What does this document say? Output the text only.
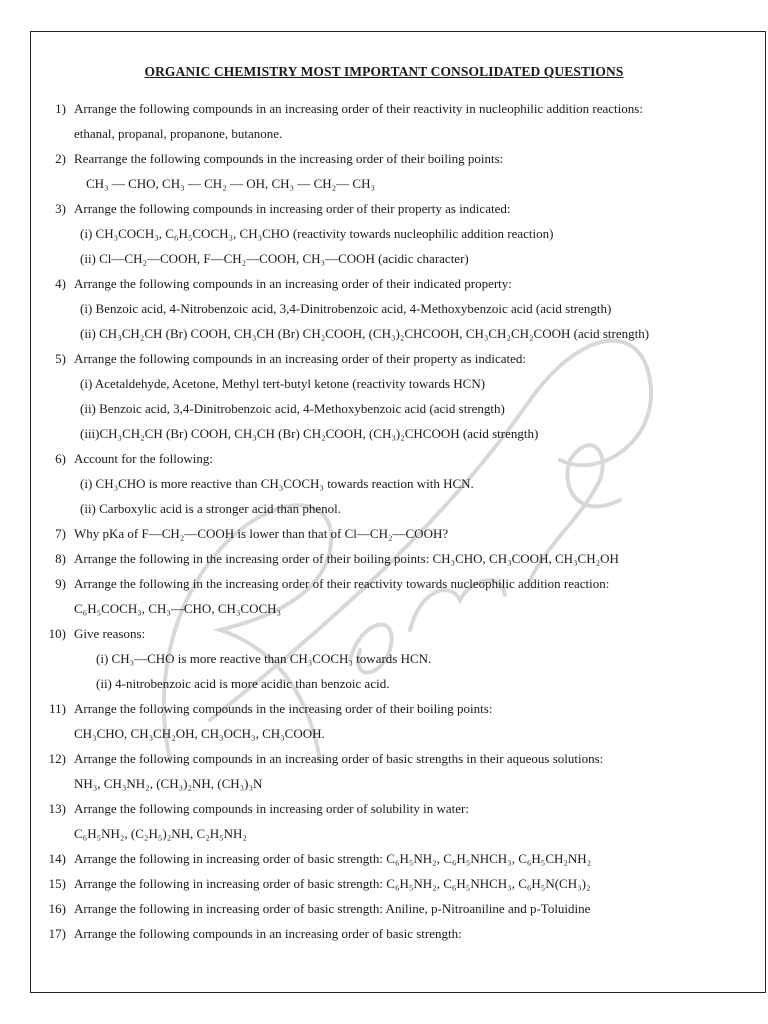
ORGANIC CHEMISTRY MOST IMPORTANT CONSOLIDATED QUESTIONS
1) Arrange the following compounds in an increasing order of their reactivity in nucleophilic addition reactions:
ethanal, propanal, propanone, butanone.
2) Rearrange the following compounds in the increasing order of their boiling points:
CH₃ — CHO, CH₃ — CH₂ — OH, CH₃ — CH₂— CH₃
3) Arrange the following compounds in increasing order of their property as indicated:
(i) CH₃COCH₃, C₆H₅COCH₃, CH₃CHO (reactivity towards nucleophilic addition reaction)
(ii) Cl—CH₂—COOH, F—CH₂—COOH, CH₃—COOH (acidic character)
4) Arrange the following compounds in an increasing order of their indicated property:
(i) Benzoic acid, 4-Nitrobenzoic acid, 3,4-Dinitrobenzoic acid, 4-Methoxybenzoic acid (acid strength)
(ii) CH₃CH₂CH (Br) COOH, CH₃CH (Br) CH₂COOH, (CH₃)₂CHCOOH, CH₃CH₂CH₂COOH (acid strength)
5) Arrange the following compounds in an increasing order of their property as indicated:
(i) Acetaldehyde, Acetone, Methyl tert-butyl ketone (reactivity towards HCN)
(ii) Benzoic acid, 3,4-Dinitrobenzoic acid, 4-Methoxybenzoic acid (acid strength)
(iii)CH₃CH₂CH (Br) COOH, CH₃CH (Br) CH₂COOH, (CH₃)₂CHCOOH (acid strength)
6) Account for the following:
(i) CH₃CHO is more reactive than CH₃COCH₃ towards reaction with HCN.
(ii) Carboxylic acid is a stronger acid than phenol.
7) Why pKa of F—CH₂—COOH is lower than that of Cl—CH₂—COOH?
8) Arrange the following in the increasing order of their boiling points: CH₃CHO, CH₃COOH, CH₃CH₂OH
9) Arrange the following in the increasing order of their reactivity towards nucleophilic addition reaction:
C₆H₅COCH₃, CH₃—CHO, CH₃COCH₃
10) Give reasons:
(i) CH₃—CHO is more reactive than CH₃COCH₃ towards HCN.
(ii) 4-nitrobenzoic acid is more acidic than benzoic acid.
11) Arrange the following compounds in the increasing order of their boiling points:
CH₃CHO, CH₃CH₂OH, CH₃OCH₃, CH₃COOH.
12) Arrange the following compounds in an increasing order of basic strengths in their aqueous solutions:
NH₃, CH₃NH₂, (CH₃)₂NH, (CH₃)₃N
13) Arrange the following compounds in increasing order of solubility in water:
C₆H₅NH₂, (C₂H₅)₂NH, C₂H₅NH₂
14) Arrange the following in increasing order of basic strength: C₆H₅NH₂, C₆H₅NHCH₃, C₆H₅CH₂NH₂
15) Arrange the following in increasing order of basic strength: C₆H₅NH₂, C₆H₅NHCH₃, C₆H₅N(CH₃)₂
16) Arrange the following in increasing order of basic strength: Aniline, p-Nitroaniline and p-Toluidine
17) Arrange the following compounds in an increasing order of basic strength:
